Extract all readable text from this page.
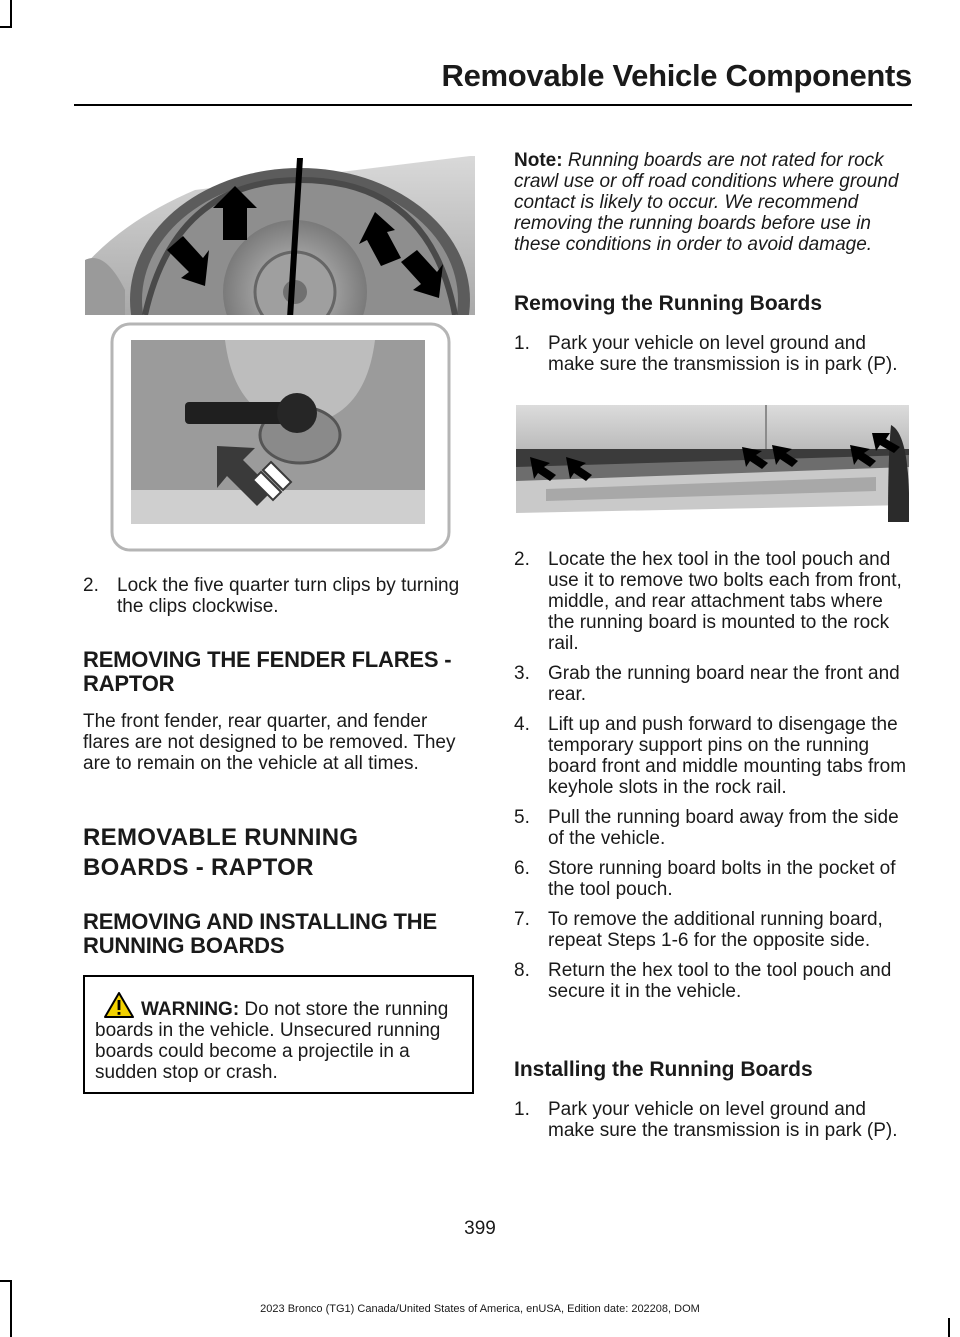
Removable Vehicle Components
2. Lock the five quarter turn clips by turning the clips clockwise.
REMOVING THE FENDER FLARES - RAPTOR
The front fender, rear quarter, and fender flares are not designed to be removed. They are to remain on the vehicle at all times.
REMOVABLE RUNNING
BOARDS - RAPTOR
REMOVING AND INSTALLING THE RUNNING BOARDS
WARNING: Do not store the running boards in the vehicle. Unsecured running boards could become a projectile in a sudden stop or crash.
Note: Running boards are not rated for rock crawl use or off road conditions where ground contact is likely to occur. We recommend removing the running boards before use in these conditions in order to avoid damage.
Removing the Running Boards
1. Park your vehicle on level ground and make sure the transmission is in park (P).
2. Locate the hex tool in the tool pouch and use it to remove two bolts each from front, middle, and rear attachment tabs where the running board is mounted to the rock rail.
3. Grab the running board near the front and rear.
4. Lift up and push forward to disengage the temporary support pins on the running board front and middle mounting tabs from keyhole slots in the rock rail.
5. Pull the running board away from the side of the vehicle.
6. Store running board bolts in the pocket of the tool pouch.
7. To remove the additional running board, repeat Steps 1-6 for the opposite side.
8. Return the hex tool to the tool pouch and secure it in the vehicle.
Installing the Running Boards
1. Park your vehicle on level ground and make sure the transmission is in park (P).
399
2023 Bronco (TG1) Canada/United States of America, enUSA, Edition date: 202208, DOM
